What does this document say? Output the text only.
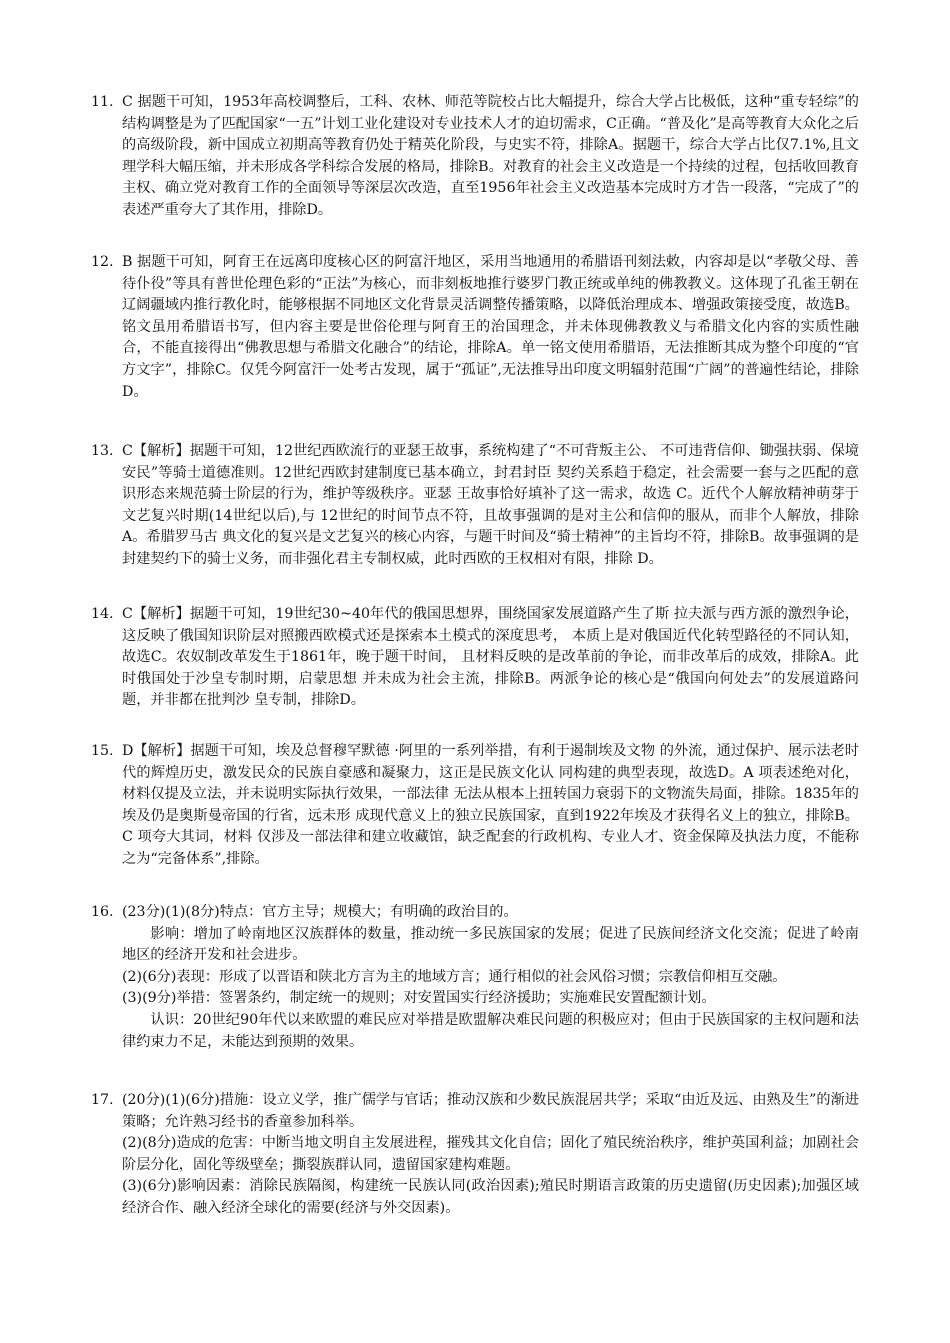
11. C 据题干可知，1953年高校调整后，工科、农林、师范等院校占比大幅提升，综合大学占比极低，这种“重专轻综”的结构调整是为了匹配国家“一五”计划工业化建设对专业技术人才的迫切需求，C正确。“普及化”是高等教育大众化之后的高级阶段，新中国成立初期高等教育仍处于精英化阶段，与史实不符，排除A。据题干，综合大学占比仅7.1%,且文理学科大幅压缩，并未形成各学科综合发展的格局，排除B。对教育的社会主义改造是一个持续的过程，包括收回教育主权、确立党对教育工作的全面领导等深层次改造，直至1956年社会主义改造基本完成时方才告一段落，“完成了”的表述严重夸大了其作用，排除D。
12. B 据题干可知，阿育王在远离印度核心区的阿富汗地区，采用当地通用的希腊语刊刻法敕，内容却是以“孝敬父母、善待仆役”等具有普世伦理色彩的“正法”为核心，而非刻板地推行婆罗门教正统或单纯的佛教教义。这体现了孔雀王朝在辽阔疆域内推行教化时，能够根据不同地区文化背景灵活调整传播策略，以降低治理成本、增强政策接受度，故选B。铭文虽用希腊语书写，但内容主要是世俗伦理与阿育王的治国理念，并未体现佛教教义与希腊文化内容的实质性融合，不能直接得出“佛教思想与希腊文化融合”的结论，排除A。单一铭文使用希腊语，无法推断其成为整个印度的“官方文字”，排除C。仅凭今阿富汗一处考古发现，属于“孤证”,无法推导出印度文明辐射范围“广阔”的普遍性结论，排除D。
13. C【解析】据题干可知，12世纪西欧流行的亚瑟王故事，系统构建了“不可背叛主公、 不可违背信仰、锄强扶弱、保境安民”等骑士道德准则。12世纪西欧封建制度已基本确立，封君封臣 契约关系趋于稳定，社会需要一套与之匹配的意识形态来规范骑士阶层的行为，维护等级秩序。亚瑟 王故事恰好填补了这一需求，故选 C。近代个人解放精神萌芽于文艺复兴时期(14世纪以后),与 12世纪的时间节点不符，且故事强调的是对主公和信仰的服从，而非个人解放，排除A。希腊罗马古 典文化的复兴是文艺复兴的核心内容，与题干时间及“骑士精神”的主旨均不符，排除B。故事强调的是封建契约下的骑士义务，而非强化君主专制权威，此时西欧的王权相对有限，排除 D。
14. C【解析】据题干可知，19世纪30~40年代的俄国思想界，围绕国家发展道路产生了斯 拉夫派与西方派的激烈争论，这反映了俄国知识阶层对照搬西欧模式还是探索本土模式的深度思考， 本质上是对俄国近代化转型路径的不同认知，故选C。农奴制改革发生于1861年，晚于题干时间， 且材料反映的是改革前的争论，而非改革后的成效，排除A。此时俄国处于沙皇专制时期，启蒙思想 并未成为社会主流，排除B。两派争论的核心是“俄国向何处去”的发展道路问题，并非都在批判沙 皇专制，排除D。
15. D【解析】据题干可知，埃及总督穆罕默德 ·阿里的一系列举措，有利于遏制埃及文物 的外流，通过保护、展示法老时代的辉煌历史，激发民众的民族自豪感和凝聚力，这正是民族文化认 同构建的典型表现，故选D。A 项表述绝对化，材料仅提及立法，并未说明实际执行效果，一部法律 无法从根本上扭转国力衰弱下的文物流失局面，排除。1835年的埃及仍是奥斯曼帝国的行省，远未形 成现代意义上的独立民族国家，直到1922年埃及才获得名义上的独立，排除B。C 项夸大其词，材料 仅涉及一部法律和建立收藏馆，缺乏配套的行政机构、专业人才、资金保障及执法力度，不能称之为“完备体系”,排除。
16. (23分)(1)(8分)特点：官方主导；规模大；有明确的政治目的。
影响：增加了岭南地区汉族群体的数量，推动统一多民族国家的发展；促进了民族间经济文化交流；促进了岭南地区的经济开发和社会进步。
(2)(6分)表现：形成了以晋语和陕北方言为主的地域方言；通行相似的社会风俗习惯；宗教信仰相互交融。
(3)(9分)举措：签署条约，制定统一的规则；对安置国实行经济援助；实施难民安置配额计划。
认识：20世纪90年代以来欧盟的难民应对举措是欧盟解决难民问题的积极应对；但由于民族国家的主权问题和法律约束力不足，未能达到预期的效果。
17. (20分)(1)(6分)措施：设立义学，推广儒学与官话；推动汉族和少数民族混居共学；采取“由近及远、由熟及生”的渐进策略；允许熟习经书的香童参加科举。
(2)(8分)造成的危害：中断当地文明自主发展进程，摧残其文化自信；固化了殖民统治秩序，维护英国利益；加剧社会阶层分化，固化等级壁垒；撕裂族群认同，遗留国家建构难题。
(3)(6分)影响因素：消除民族隔阂，构建统一民族认同(政治因素);殖民时期语言政策的历史遗留(历史因素);加强区域经济合作、融入经济全球化的需要(经济与外交因素)。
